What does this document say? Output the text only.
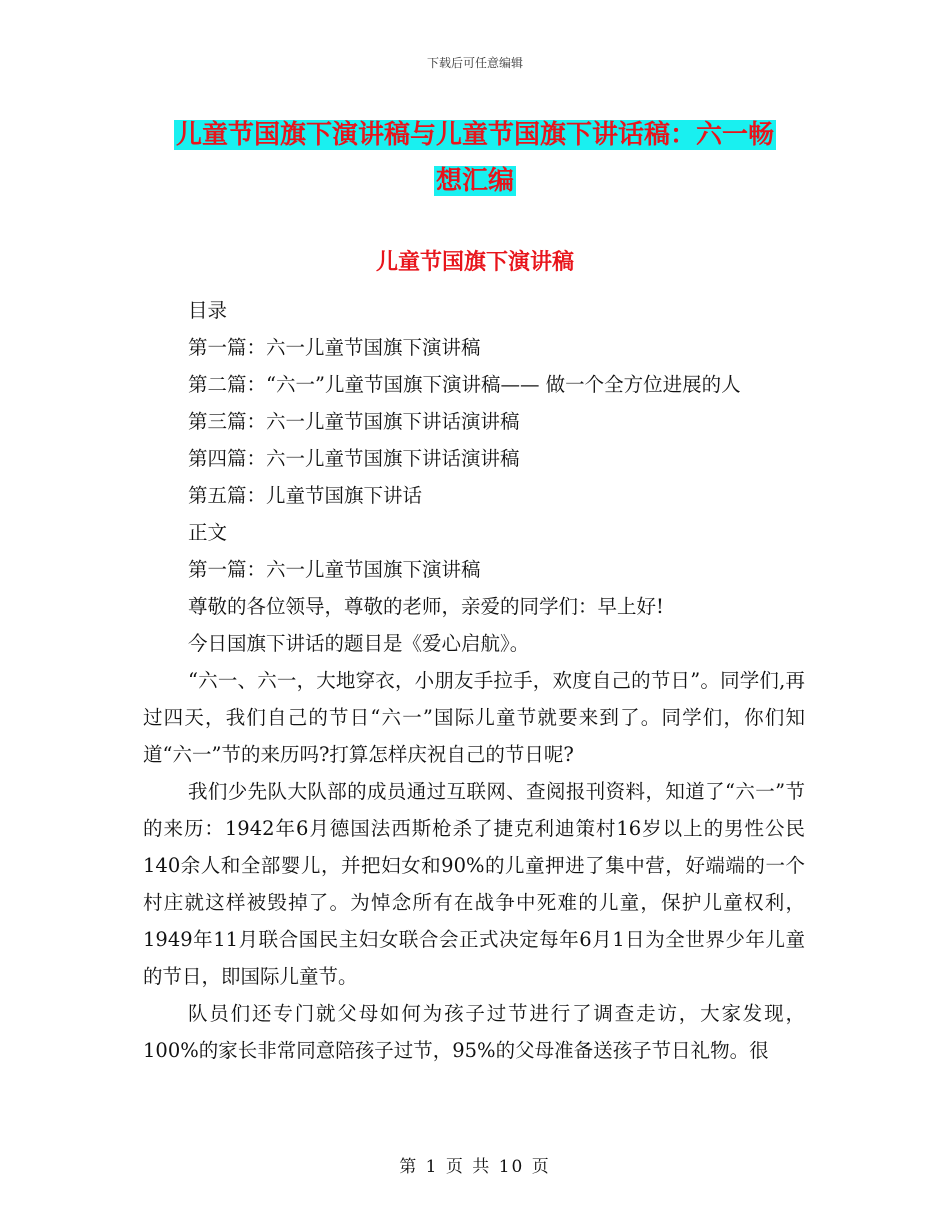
下载后可任意编辑
儿童节国旗下演讲稿与儿童节国旗下讲话稿：六一畅
想汇编
儿童节国旗下演讲稿

目录

第一篇：六一儿童节国旗下演讲稿

第二篇：“六一”儿童节国旗下演讲稿—— 做一个全方位进展的人

第三篇：六一儿童节国旗下讲话演讲稿

第四篇：六一儿童节国旗下讲话演讲稿

第五篇：儿童节国旗下讲话

正文

第一篇：六一儿童节国旗下演讲稿

尊敬的各位领导，尊敬的老师，亲爱的同学们：早上好!

今日国旗下讲话的题目是《爱心启航》。

“六一、六一，大地穿衣，小朋友手拉手，欢度自己的节日”。同学们,再过四天，我们自己的节日“六一”国际儿童节就要来到了。同学们，你们知道“六一”节的来历吗?打算怎样庆祝自己的节日呢?

我们少先队大队部的成员通过互联网、查阅报刊资料，知道了“六一”节的来历：1942年6月德国法西斯枪杀了捷克利迪策村16岁以上的男性公民140余人和全部婴儿，并把妇女和90%的儿童押进了集中营，好端端的一个村庄就这样被毁掉了。为悼念所有在战争中死难的儿童，保护儿童权利，1949年11月联合国民主妇女联合会正式决定每年6月1日为全世界少年儿童的节日，即国际儿童节。

队员们还专门就父母如何为孩子过节进行了调查走访，大家发现，100%的家长非常同意陪孩子过节，95%的父母准备送孩子节日礼物。很

第 1 页 共 10 页
